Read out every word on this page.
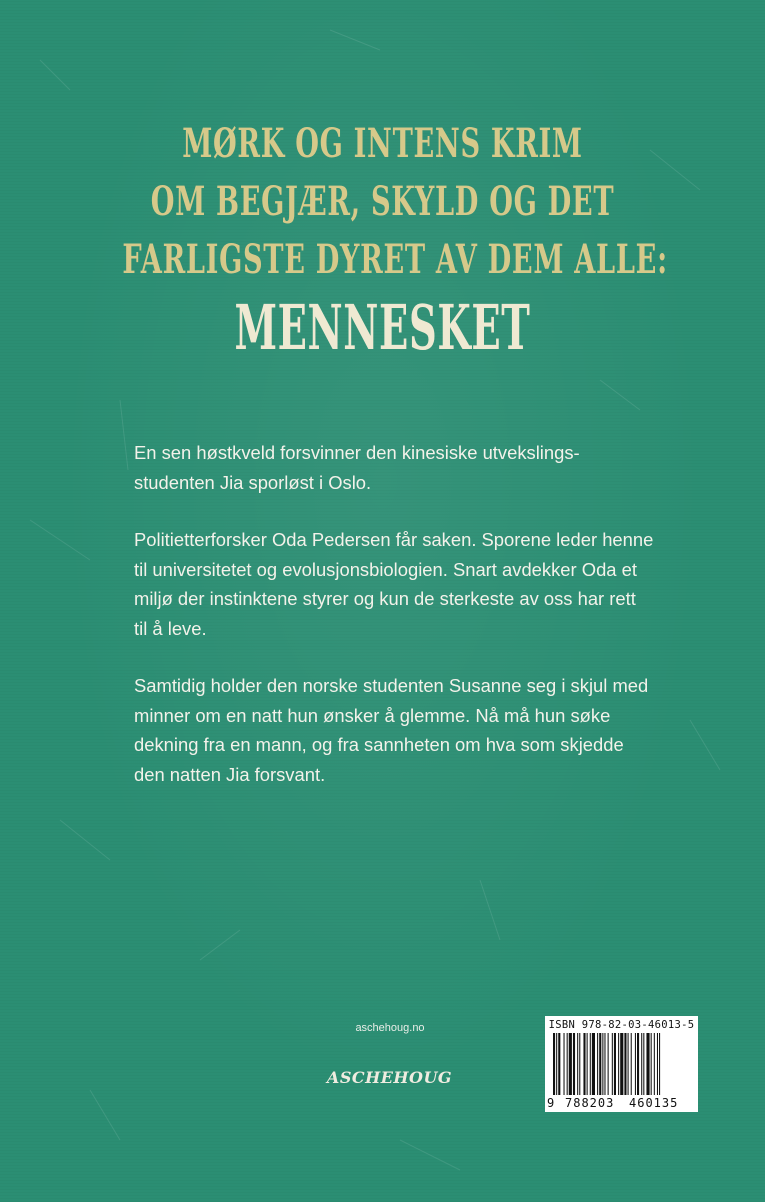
MØRK OG INTENS KRIM
OM BEGJÆR, SKYLD OG DET
FARLIGSTE DYRET AV DEM ALLE:
MENNESKET

En sen høstkveld forsvinner den kinesiske utvekslings-studenten Jia sporløst i Oslo.

Politietterforsker Oda Pedersen får saken. Sporene leder henne til universitetet og evolusjonsbiologien. Snart avdekker Oda et miljø der instinktene styrer og kun de sterkeste av oss har rett til å leve.

Samtidig holder den norske studenten Susanne seg i skjul med minner om en natt hun ønsker å glemme. Nå må hun søke dekning fra en mann, og fra sannheten om hva som skjedde den natten Jia forsvant.

aschehoug.no
ASCHEHOUG
ISBN 978-82-03-46013-5
9 788203 460135
